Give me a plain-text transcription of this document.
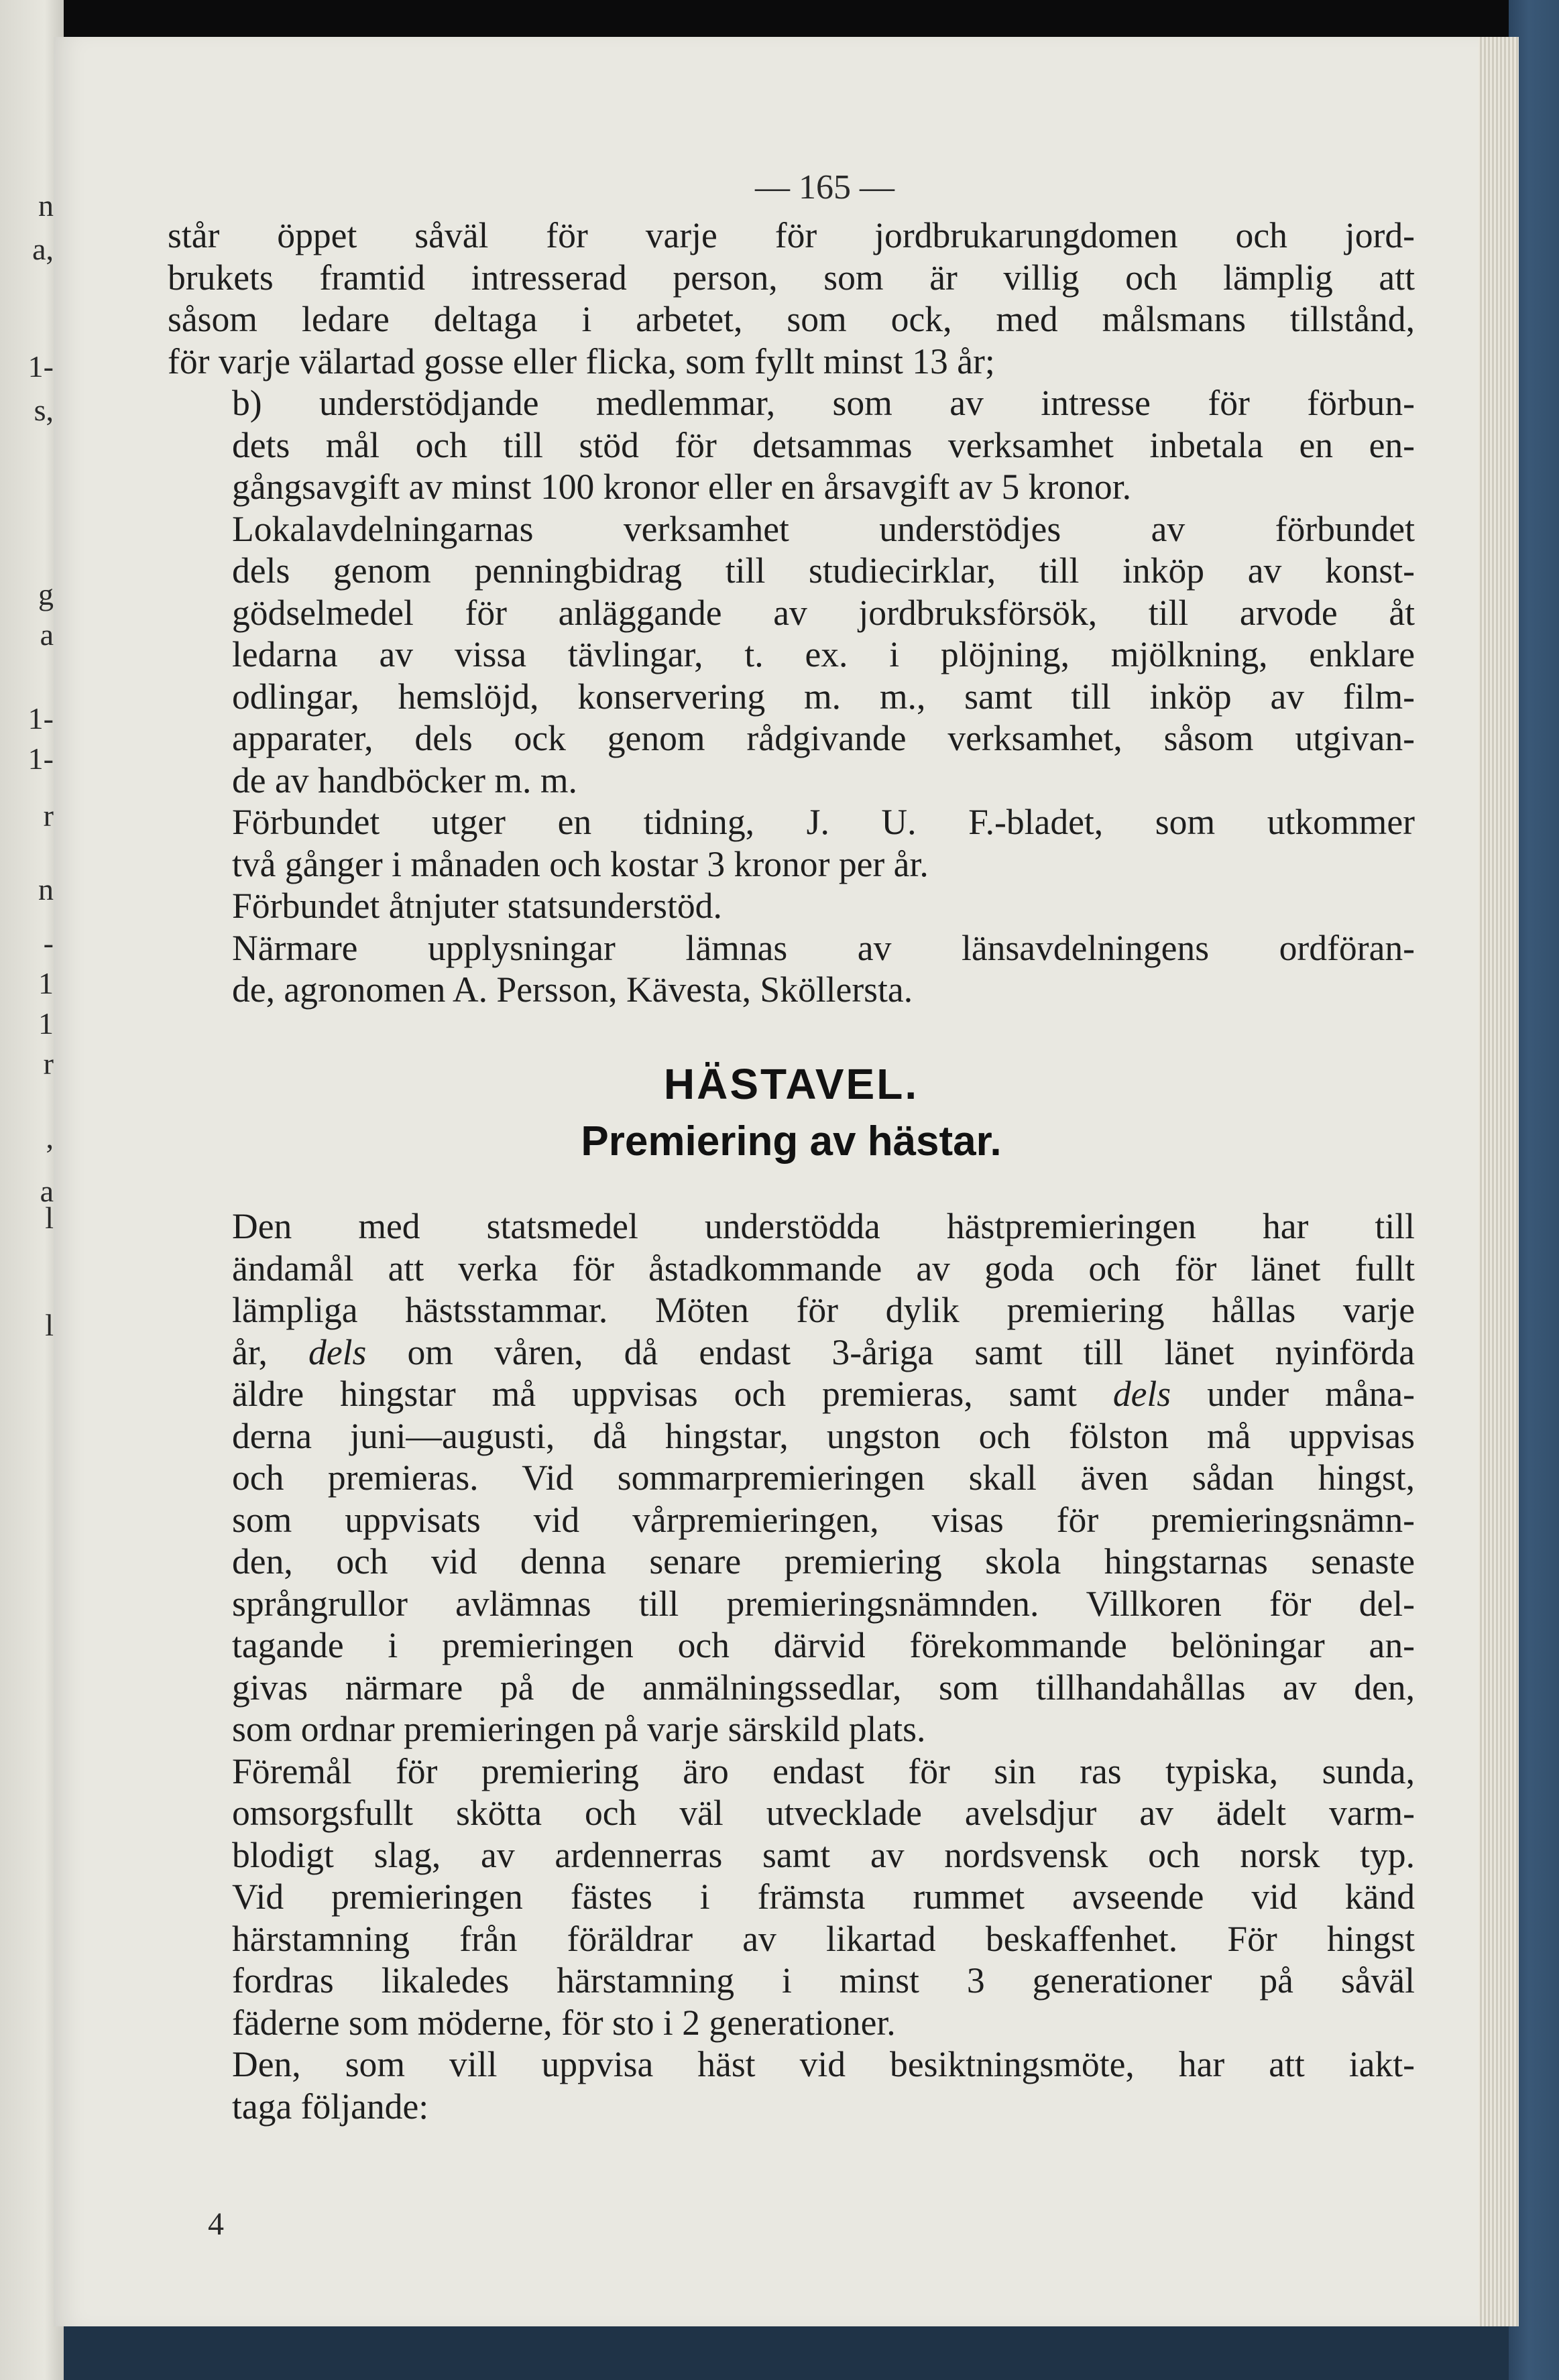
n
a,
1-
s,
g
a
1-
1-
r
n
-
1
1
r
,
a
l
l
— 165 —

står öppet såväl för varje för jordbrukarungdomen och jord-
brukets framtid intresserad person, som är villig och lämplig att
såsom ledare deltaga i arbetet, som ock, med målsmans tillstånd,
för varje välartad gosse eller flicka, som fyllt minst 13 år;

b) understödjande medlemmar, som av intresse för förbun-
dets mål och till stöd för detsammas verksamhet inbetala en en-
gångsavgift av minst 100 kronor eller en årsavgift av 5 kronor.

Lokalavdelningarnas verksamhet understödjes av förbundet
dels genom penningbidrag till studiecirklar, till inköp av konst-
gödselmedel för anläggande av jordbruksförsök, till arvode åt
ledarna av vissa tävlingar, t. ex. i plöjning, mjölkning, enklare
odlingar, hemslöjd, konservering m. m., samt till inköp av film-
apparater, dels ock genom rådgivande verksamhet, såsom utgivan-
de av handböcker m. m.

Förbundet utger en tidning, J. U. F.-bladet, som utkommer
två gånger i månaden och kostar 3 kronor per år.

Förbundet åtnjuter statsunderstöd.

Närmare upplysningar lämnas av länsavdelningens ordföran-
de, agronomen A. Persson, Kävesta, Sköllersta.

HÄSTAVEL.
Premiering av hästar.

Den med statsmedel understödda hästpremieringen har till
ändamål att verka för åstadkommande av goda och för länet fullt
lämpliga hästsstammar. Möten för dylik premiering hållas varje
år, dels om våren, då endast 3-åriga samt till länet nyinförda
äldre hingstar må uppvisas och premieras, samt dels under måna-
derna juni—augusti, då hingstar, ungston och fölston må uppvisas
och premieras. Vid sommarpremieringen skall även sådan hingst,
som uppvisats vid vårpremieringen, visas för premieringsnämn-
den, och vid denna senare premiering skola hingstarnas senaste
språngrullor avlämnas till premieringsnämnden. Villkoren för del-
tagande i premieringen och därvid förekommande belöningar an-
givas närmare på de anmälningssedlar, som tillhandahållas av den,
som ordnar premieringen på varje särskild plats.

Föremål för premiering äro endast för sin ras typiska, sunda,
omsorgsfullt skötta och väl utvecklade avelsdjur av ädelt varm-
blodigt slag, av ardennerras samt av nordsvensk och norsk typ.
Vid premieringen fästes i främsta rummet avseende vid känd
härstamning från föräldrar av likartad beskaffenhet. För hingst
fordras likaledes härstamning i minst 3 generationer på såväl
fäderne som möderne, för sto i 2 generationer.

Den, som vill uppvisa häst vid besiktningsmöte, har att iakt-
taga följande:

4
